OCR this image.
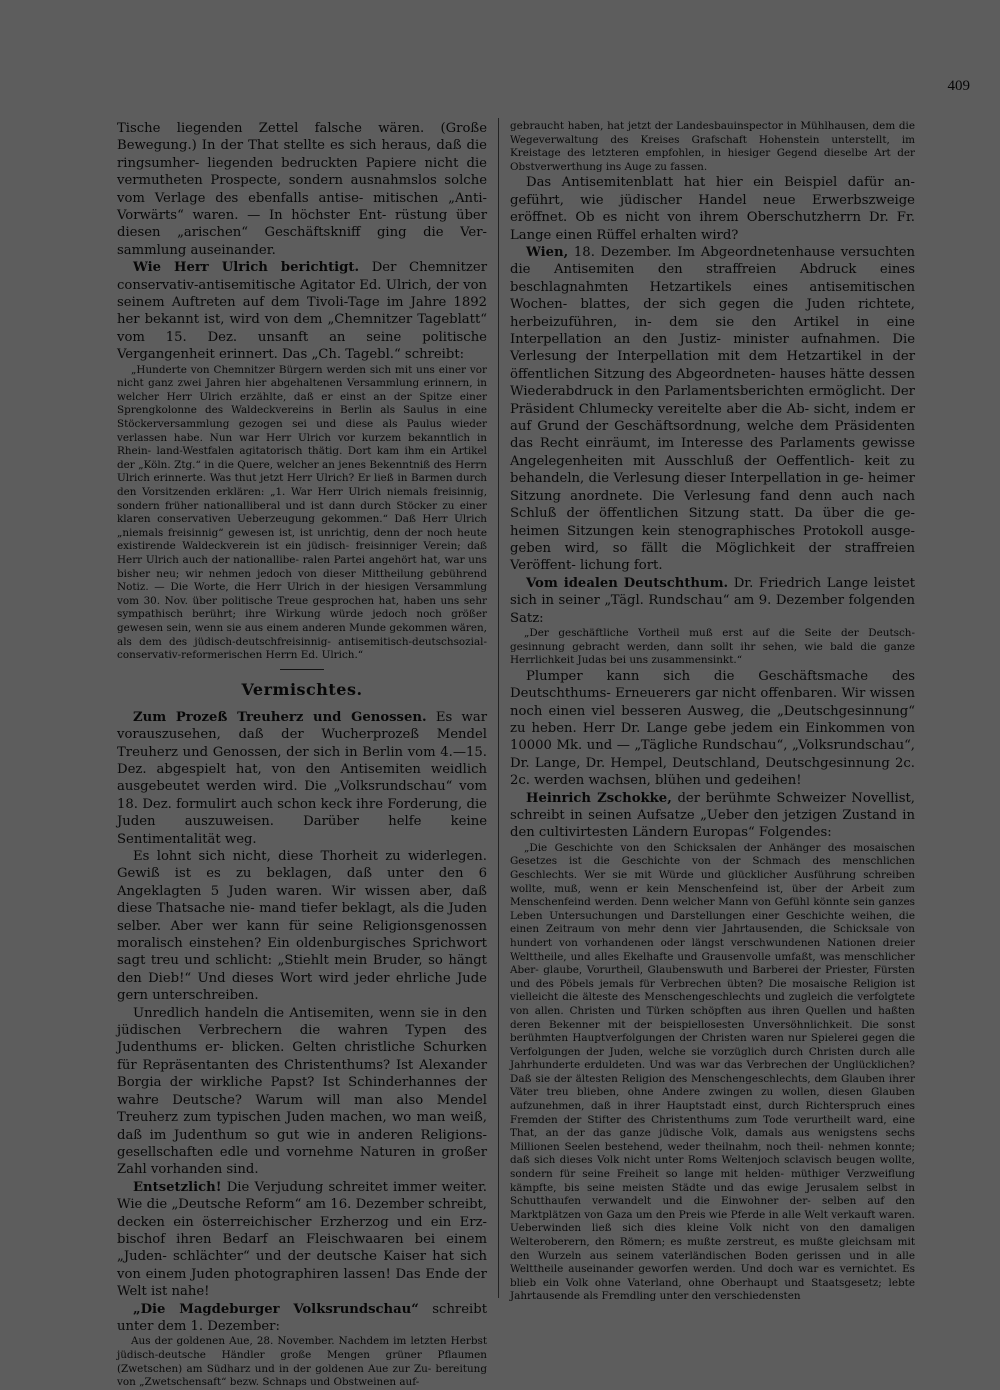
409

Tische liegenden Zettel falsche wären. (Große Bewegung.) In der That stellte es sich heraus, daß die ringsumher- liegenden bedruckten Papiere nicht die vermutheten Prospecte, sondern ausnahmslos solche vom Verlage des ebenfalls antise- mitischen „Anti-Vorwärts“ waren. — In höchster Ent- rüstung über diesen „arischen“ Geschäftskniff ging die Ver- sammlung auseinander.

Wie Herr Ulrich berichtigt. Der Chemnitzer conservativ-antisemitische Agitator Ed. Ulrich, der von seinem Auftreten auf dem Tivoli-Tage im Jahre 1892 her bekannt ist, wird von dem „Chemnitzer Tageblatt“ vom 15. Dez. unsanft an seine politische Vergangenheit erinnert. Das „Ch. Tagebl.“ schreibt:

„Hunderte von Chemnitzer Bürgern werden sich mit uns einer vor nicht ganz zwei Jahren hier abgehaltenen Versammlung erinnern, in welcher Herr Ulrich erzählte, daß er einst an der Spitze einer Sprengkolonne des Waldeckvereins in Berlin als Saulus in eine Stöckerversammlung gezogen sei und diese als Paulus wieder verlassen habe. Nun war Herr Ulrich vor kurzem bekanntlich in Rhein- land-Westfalen agitatorisch thätig. Dort kam ihm ein Artikel der „Köln. Ztg.“ in die Quere, welcher an jenes Bekenntniß des Herrn Ulrich erinnerte. Was thut jetzt Herr Ulrich? Er ließ in Barmen durch den Vorsitzenden erklären: „1. War Herr Ulrich niemals freisinnig, sondern früher nationalliberal und ist dann durch Stöcker zu einer klaren conservativen Ueberzeugung gekommen.“ Daß Herr Ulrich „niemals freisinnig“ gewesen ist, ist unrichtig, denn der noch heute existirende Waldeckverein ist ein jüdisch- freisinniger Verein; daß Herr Ulrich auch der nationallibe- ralen Partei angehört hat, war uns bisher neu; wir nehmen jedoch von dieser Mittheilung gebührend Notiz. — Die Worte, die Herr Ulrich in der hiesigen Versammlung vom 30. Nov. über politische Treue gesprochen hat, haben uns sehr sympathisch berührt; ihre Wirkung würde jedoch noch größer gewesen sein, wenn sie aus einem anderen Munde gekommen wären, als dem des jüdisch-deutschfreisinnig- antisemitisch-deutschsozial-conservativ-reformerischen Herrn Ed. Ulrich.“

Vermischtes.

Zum Prozeß Treuherz und Genossen. Es war vorauszusehen, daß der Wucherprozeß Mendel Treuherz und Genossen, der sich in Berlin vom 4.—15. Dez. abgespielt hat, von den Antisemiten weidlich ausgebeutet werden wird. Die „Volksrundschau“ vom 18. Dez. formulirt auch schon keck ihre Forderung, die Juden auszuweisen. Darüber helfe keine Sentimentalität weg.

Es lohnt sich nicht, diese Thorheit zu widerlegen. Gewiß ist es zu beklagen, daß unter den 6 Angeklagten 5 Juden waren. Wir wissen aber, daß diese Thatsache nie- mand tiefer beklagt, als die Juden selber. Aber wer kann für seine Religionsgenossen moralisch einstehen? Ein oldenburgisches Sprichwort sagt treu und schlicht: „Stiehlt mein Bruder, so hängt den Dieb!“ Und dieses Wort wird jeder ehrliche Jude gern unterschreiben.

Unredlich handeln die Antisemiten, wenn sie in den jüdischen Verbrechern die wahren Typen des Judenthums er- blicken. Gelten christliche Schurken für Repräsentanten des Christenthums? Ist Alexander Borgia der wirkliche Papst? Ist Schinderhannes der wahre Deutsche? Warum will man also Mendel Treuherz zum typischen Juden machen, wo man weiß, daß im Judenthum so gut wie in anderen Religions- gesellschaften edle und vornehme Naturen in großer Zahl vorhanden sind.

Entsetzlich! Die Verjudung schreitet immer weiter. Wie die „Deutsche Reform“ am 16. Dezember schreibt, decken ein österreichischer Erzherzog und ein Erz- bischof ihren Bedarf an Fleischwaaren bei einem „Juden- schlächter“ und der deutsche Kaiser hat sich von einem Juden photographiren lassen! Das Ende der Welt ist nahe!

„Die Magdeburger Volksrundschau“ schreibt unter dem 1. Dezember:

Aus der goldenen Aue, 28. November. Nachdem im letzten Herbst jüdisch-deutsche Händler große Mengen grüner Pflaumen (Zwetschen) am Südharz und in der goldenen Aue zur Zu- bereitung von „Zwetschensaft“ bezw. Schnaps und Obstweinen auf-

gebraucht haben, hat jetzt der Landesbauinspector in Mühlhausen, dem die Wegeverwaltung des Kreises Grafschaft Hohenstein unterstellt, im Kreistage des letzteren empfohlen, in hiesiger Gegend dieselbe Art der Obstverwerthung ins Auge zu fassen.

Das Antisemitenblatt hat hier ein Beispiel dafür an- geführt, wie jüdischer Handel neue Erwerbszweige eröffnet. Ob es nicht von ihrem Oberschutzherrn Dr. Fr. Lange einen Rüffel erhalten wird?

Wien, 18. Dezember. Im Abgeordnetenhause versuchten die Antisemiten den straffreien Abdruck eines beschlagnahmten Hetzartikels eines antisemitischen Wochen- blattes, der sich gegen die Juden richtete, herbeizuführen, in- dem sie den Artikel in eine Interpellation an den Justiz- minister aufnahmen. Die Verlesung der Interpellation mit dem Hetzartikel in der öffentlichen Sitzung des Abgeordneten- hauses hätte dessen Wiederabdruck in den Parlamentsberichten ermöglicht. Der Präsident Chlumecky vereitelte aber die Ab- sicht, indem er auf Grund der Geschäftsordnung, welche dem Präsidenten das Recht einräumt, im Interesse des Parlaments gewisse Angelegenheiten mit Ausschluß der Oeffentlich- keit zu behandeln, die Verlesung dieser Interpellation in ge- heimer Sitzung anordnete. Die Verlesung fand denn auch nach Schluß der öffentlichen Sitzung statt. Da über die ge- heimen Sitzungen kein stenographisches Protokoll ausge- geben wird, so fällt die Möglichkeit der straffreien Veröffent- lichung fort.

Vom idealen Deutschthum. Dr. Friedrich Lange leistet sich in seiner „Tägl. Rundschau“ am 9. Dezember folgenden Satz:

„Der geschäftliche Vortheil muß erst auf die Seite der Deutsch- gesinnung gebracht werden, dann sollt ihr sehen, wie bald die ganze Herrlichkeit Judas bei uns zusammensinkt.“

Plumper kann sich die Geschäftsmache des Deutschthums- Erneuerers gar nicht offenbaren. Wir wissen noch einen viel besseren Ausweg, die „Deutschgesinnung“ zu heben. Herr Dr. Lange gebe jedem ein Einkommen von 10000 Mk. und — „Tägliche Rundschau“, „Volksrundschau“, Dr. Lange, Dr. Hempel, Deutschland, Deutschgesinnung 2c. 2c. werden wachsen, blühen und gedeihen!

Heinrich Zschokke, der berühmte Schweizer Novellist, schreibt in seinen Aufsatze „Ueber den jetzigen Zustand in den cultivirtesten Ländern Europas“ Folgendes:

„Die Geschichte von den Schicksalen der Anhänger des mosaischen Gesetzes ist die Geschichte von der Schmach des menschlichen Geschlechts. Wer sie mit Würde und glücklicher Ausführung schreiben wollte, muß, wenn er kein Menschenfeind ist, über der Arbeit zum Menschenfeind werden. Denn welcher Mann von Gefühl könnte sein ganzes Leben Untersuchungen und Darstellungen einer Geschichte weihen, die einen Zeitraum von mehr denn vier Jahrtausenden, die Schicksale von hundert von vorhandenen oder längst verschwundenen Nationen dreier Welttheile, und alles Ekelhafte und Grausenvolle umfaßt, was menschlicher Aber- glaube, Vorurtheil, Glaubenswuth und Barberei der Priester, Fürsten und des Pöbels jemals für Verbrechen übten? Die mosaische Religion ist vielleicht die älteste des Menschengeschlechts und zugleich die verfolgtete von allen. Christen und Türken schöpften aus ihren Quellen und haßten deren Bekenner mit der beispiellosesten Unversöhnlichkeit. Die sonst berühmten Hauptverfolgungen der Christen waren nur Spielerei gegen die Verfolgungen der Juden, welche sie vorzüglich durch Christen durch alle Jahrhunderte erduldeten. Und was war das Verbrechen der Unglücklichen? Daß sie der ältesten Religion des Menschengeschlechts, dem Glauben ihrer Väter treu blieben, ohne Andere zwingen zu wollen, diesen Glauben aufzunehmen, daß in ihrer Hauptstadt einst, durch Richterspruch eines Fremden der Stifter des Christenthums zum Tode verurtheilt ward, eine That, an der das ganze jüdische Volk, damals aus wenigstens sechs Millionen Seelen bestehend, weder theilnahm, noch theil- nehmen konnte; daß sich dieses Volk nicht unter Roms Weltenjoch sclavisch beugen wollte, sondern für seine Freiheit so lange mit helden- müthiger Verzweiflung kämpfte, bis seine meisten Städte und das ewige Jerusalem selbst in Schutthaufen verwandelt und die Einwohner der- selben auf den Marktplätzen von Gaza um den Preis wie Pferde in alle Welt verkauft waren. Ueberwinden ließ sich dies kleine Volk nicht von den damaligen Welteroberern, den Römern; es mußte zerstreut, es mußte gleichsam mit den Wurzeln aus seinem vaterländischen Boden gerissen und in alle Welttheile auseinander geworfen werden. Und doch war es vernichtet. Es blieb ein Volk ohne Vaterland, ohne Oberhaupt und Staatsgesetz; lebte Jahrtausende als Fremdling unter den verschiedensten
